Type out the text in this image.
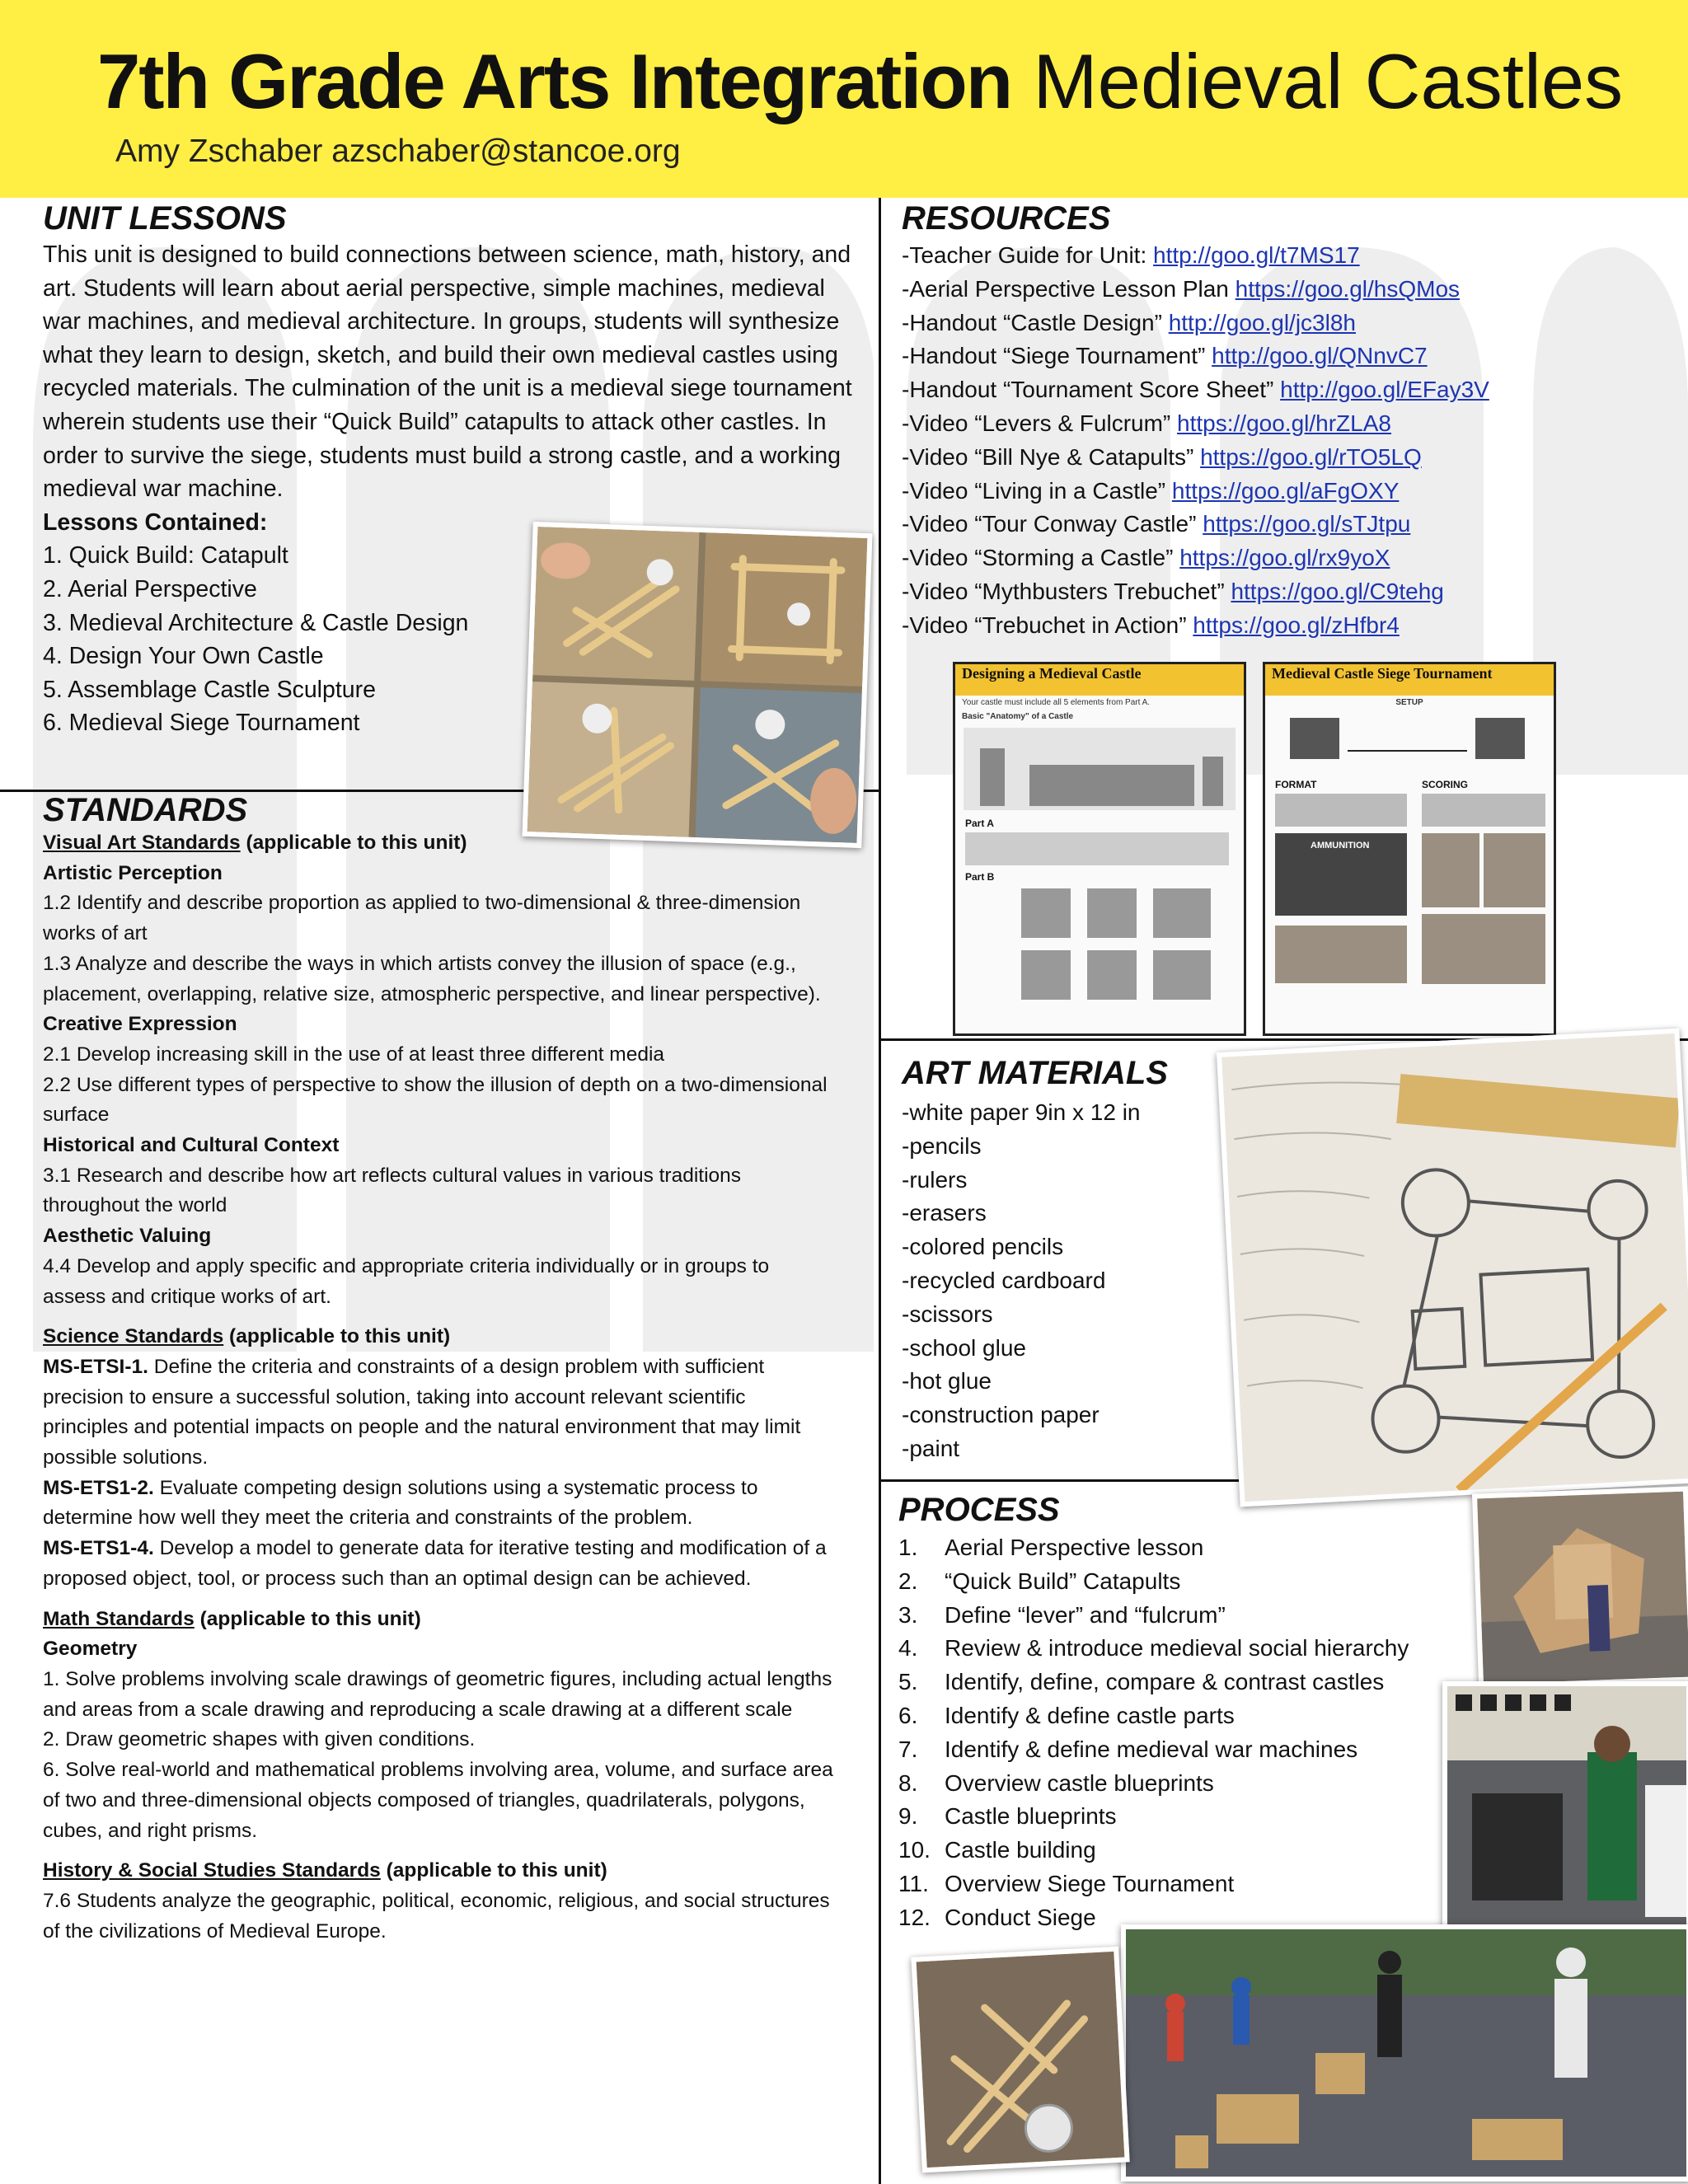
7th Grade Arts Integration Medieval Castles
Amy Zschaber azschaber@stancoe.org
UNIT LESSONS
This unit is designed to build connections between science, math, history, and art. Students will learn about aerial perspective, simple machines, medieval war machines, and medieval architecture. In groups, students will synthesize what they learn to design, sketch, and build their own medieval castles using recycled materials. The culmination of the unit is a medieval siege tournament wherein students use their “Quick Build” catapults to attack other castles. In order to survive the siege, students must build a strong castle, and a working medieval war machine.
Lessons Contained:
1. Quick Build: Catapult
2. Aerial Perspective
3. Medieval Architecture & Castle Design
4. Design Your Own Castle
5. Assemblage Castle Sculpture
6. Medieval Siege Tournament
STANDARDS
Visual Art Standards (applicable to this unit)
Artistic Perception
1.2 Identify and describe proportion as applied to two-dimensional & three-dimension works of art
1.3 Analyze and describe the ways in which artists convey the illusion of space (e.g., placement, overlapping, relative size, atmospheric perspective, and linear perspective).
Creative Expression
2.1 Develop increasing skill in the use of at least three different media
2.2 Use different types of perspective to show the illusion of depth on a two-dimensional surface
Historical and Cultural Context
3.1 Research and describe how art reflects cultural values in various traditions throughout the world
Aesthetic Valuing
4.4 Develop and apply specific and appropriate criteria individually or in groups to assess and critique works of art.
Science Standards (applicable to this unit)
MS-ETSI-1. Define the criteria and constraints of a design problem with sufficient precision to ensure a successful solution, taking into account relevant scientific principles and potential impacts on people and the natural environment that may limit possible solutions.
MS-ETS1-2. Evaluate competing design solutions using a systematic process to determine how well they meet the criteria and constraints of the problem.
MS-ETS1-4. Develop a model to generate data for iterative testing and modification of a proposed object, tool, or process such than an optimal design can be achieved.
Math Standards (applicable to this unit)
Geometry
1. Solve problems involving scale drawings of geometric figures, including actual lengths and areas from a scale drawing and reproducing a scale drawing at a different scale
2. Draw geometric shapes with given conditions.
6. Solve real-world and mathematical problems involving area, volume, and surface area of two and three-dimensional objects composed of triangles, quadrilaterals, polygons, cubes, and right prisms.
History & Social Studies Standards (applicable to this unit)
7.6 Students analyze the geographic, political, economic, religious, and social structures of the civilizations of Medieval Europe.
RESOURCES
-Teacher Guide for Unit: http://goo.gl/t7MS17
-Aerial Perspective Lesson Plan https://goo.gl/hsQMos
-Handout “Castle Design” http://goo.gl/jc3l8h
-Handout “Siege Tournament” http://goo.gl/QNnvC7
-Handout “Tournament Score Sheet” http://goo.gl/EFay3V
-Video “Levers & Fulcrum” https://goo.gl/hrZLA8
-Video “Bill Nye & Catapults” https://goo.gl/rTO5LQ
-Video “Living in a Castle” https://goo.gl/aFgOXY
-Video “Tour Conway Castle” https://goo.gl/sTJtpu
-Video “Storming a Castle” https://goo.gl/rx9yoX
-Video “Mythbusters Trebuchet” https://goo.gl/C9tehg
-Video “Trebuchet in Action” https://goo.gl/zHfbr4
Designing a Medieval Castle
Your castle must include all 5 elements from Part A.
Basic "Anatomy" of a Castle
Part A
Part B
Medieval Castle Siege Tournament
SETUP
FORMAT	SCORING
AMMUNITION
ART MATERIALS
-white paper 9in x 12 in
-pencils
-rulers
-erasers
-colored pencils
-recycled cardboard
-scissors
-school glue
-hot glue
-construction paper
-paint
PROCESS
1. Aerial Perspective lesson
2. “Quick Build” Catapults
3. Define “lever” and “fulcrum”
4. Review & introduce medieval social hierarchy
5. Identify, define, compare & contrast castles
6. Identify & define castle parts
7. Identify & define medieval war machines
8. Overview castle blueprints
9. Castle blueprints
10. Castle building
11. Overview Siege Tournament
12. Conduct Siege
